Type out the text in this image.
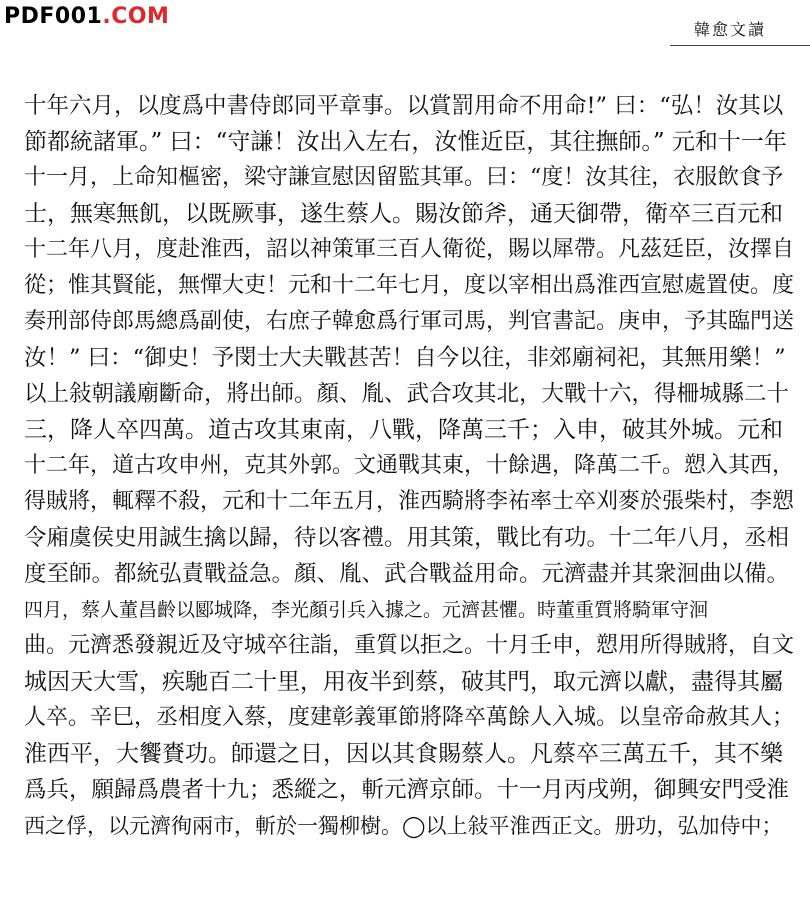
PDF001.COM
韓愈文讀
十年六月，以度爲中書侍郎同平章事。以賞罰用命不用命!” 曰：“弘！汝其以
節都統諸軍。” 曰：“守謙！汝出入左右，汝惟近臣，其往撫師。” 元和十一年
十一月，上命知樞密，梁守謙宣慰因留監其軍。曰：“度！汝其往，衣服飲食予
士，無寒無飢，以既厥事，遂生蔡人。賜汝節斧，通天御帶，衛卒三百元和
十二年八月，度赴淮西，詔以神策軍三百人衛從，賜以犀帶。凡茲廷臣，汝擇自
從；惟其賢能，無憚大吏！元和十二年七月，度以宰相出爲淮西宣慰處置使。度
奏刑部侍郎馬總爲副使，右庶子韓愈爲行軍司馬，判官書記。庚申，予其臨門送
汝！” 曰：“御史！予閔士大夫戰甚苦！自今以往，非郊廟祠祀，其無用樂！”
以上敍朝議廟斷命，將出師。顏、胤、武合攻其北，大戰十六，得柵城縣二十
三，降人卒四萬。道古攻其東南，八戰，降萬三千；入申，破其外城。元和
十二年，道古攻申州，克其外郭。文通戰其東，十餘遇，降萬二千。愬入其西，
得賊將，輒釋不殺，元和十二年五月，淮西騎將李祐率士卒刈麥於張柴村，李愬
令廂虞侯史用誠生擒以歸，待以客禮。用其策，戰比有功。十二年八月，丞相
度至師。都統弘責戰益急。顏、胤、武合戰益用命。元濟盡并其衆洄曲以備。
四月，蔡人董昌齡以郾城降，李光顏引兵入據之。元濟甚懼。時董重質將騎軍守洄
曲。元濟悉發親近及守城卒往詣，重質以拒之。十月壬申，愬用所得賊將，自文
城因天大雪，疾馳百二十里，用夜半到蔡，破其門，取元濟以獻，盡得其屬
人卒。辛巳，丞相度入蔡，度建彰義軍節將降卒萬餘人入城。以皇帝命赦其人；
淮西平，大饗賚功。師還之日，因以其食賜蔡人。凡蔡卒三萬五千，其不樂
爲兵，願歸爲農者十九；悉縱之，斬元濟京師。十一月丙戌朔，御興安門受淮
西之俘，以元濟徇兩市，斬於一獨柳樹。◯以上敍平淮西正文。册功，弘加侍中；
